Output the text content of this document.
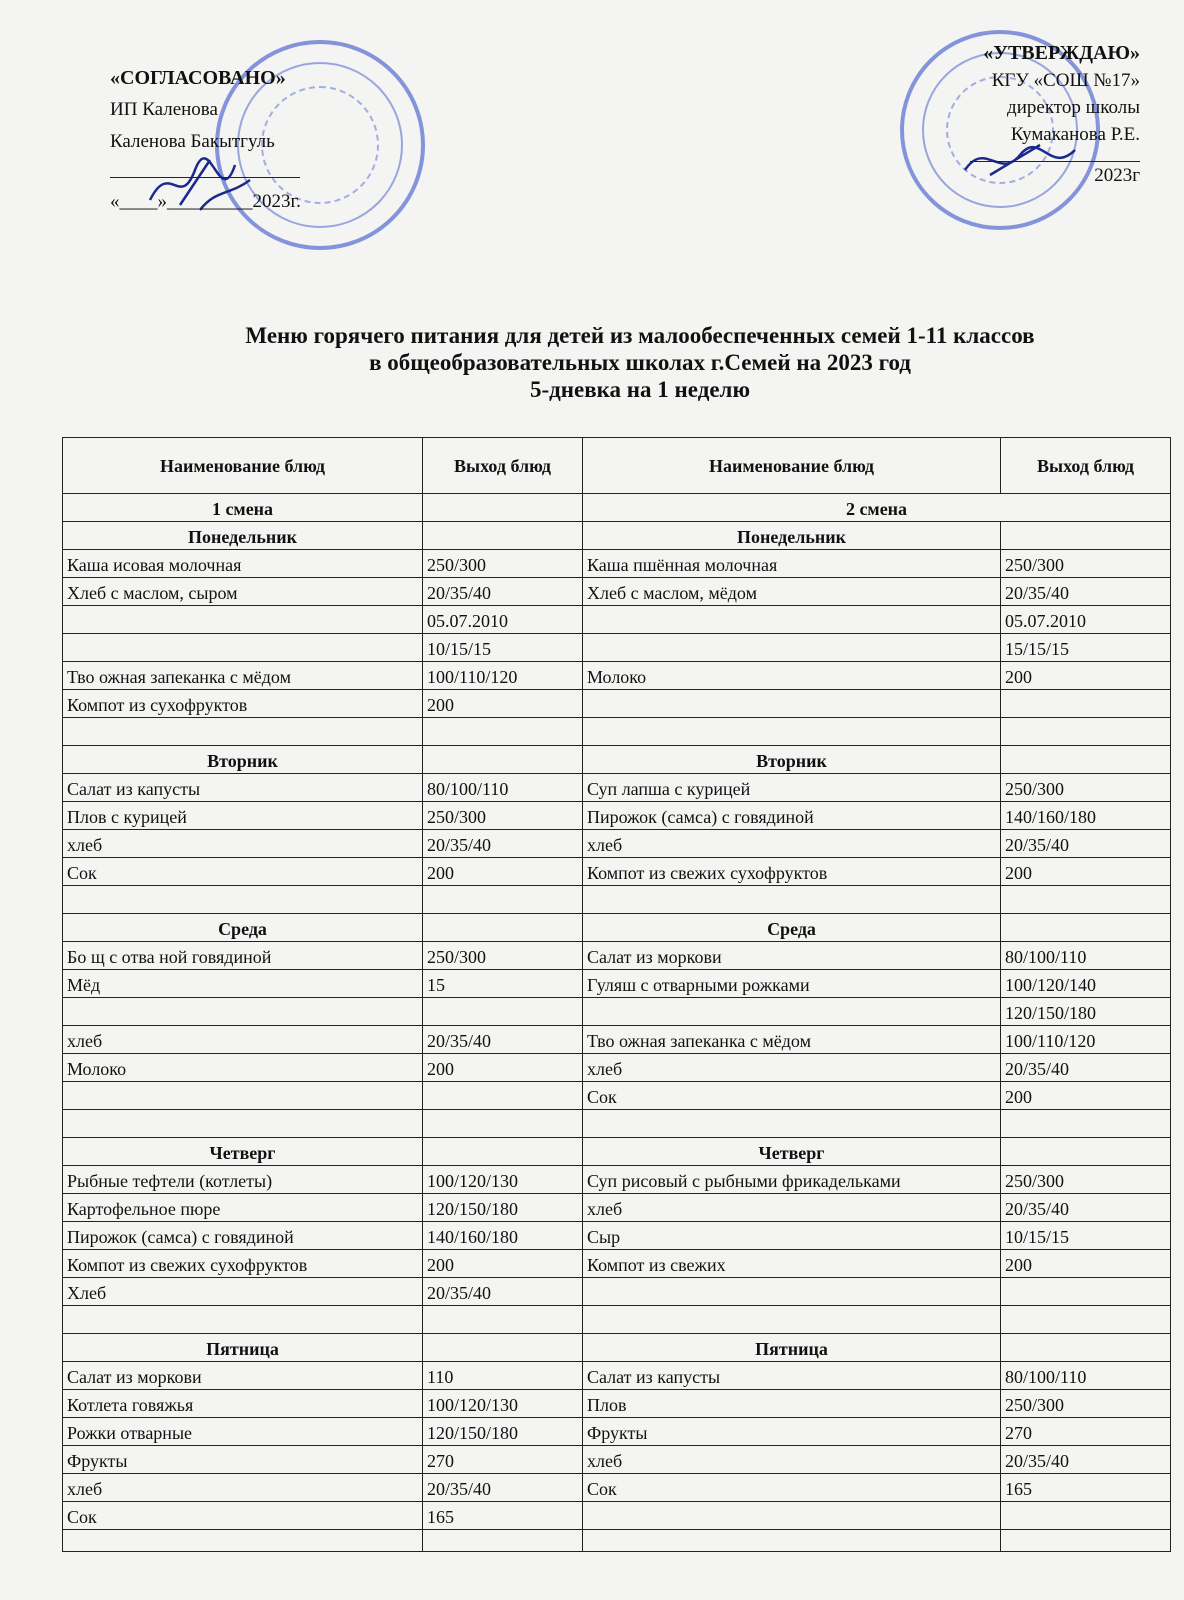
«СОГЛАСОВАНО»
ИП Каленова
Каленова Бакытгуль
«____»_________2023г.
«УТВЕРЖДАЮ»
КГУ «СОШ №17»
директор школы
Кумаканова Р.Е.
2023г
Меню горячего питания для детей из малообеспеченных семей 1-11 классов
в общеобразовательных школах г.Семей на 2023 год
5-дневка на 1 неделю
Наименование блюд	Выход блюд	Наименование блюд	Выход блюд
1 смена		2 смена	
Понедельник		Понедельник	
Каша исовая молочная	250/300	Каша пшённая молочная	250/300
Хлеб с маслом, сыром	20/35/40	Хлеб с маслом, мёдом	20/35/40
	05.07.2010		05.07.2010
	10/15/15		15/15/15
Тво ожная запеканка с мёдом	100/110/120	Молоко	200
Компот из сухофруктов	200		

Вторник		Вторник	
Салат из капусты	80/100/110	Суп лапша с курицей	250/300
Плов с курицей	250/300	Пирожок (самса) с говядиной	140/160/180
хлеб	20/35/40	хлеб	20/35/40
Сок	200	Компот из свежих сухофруктов	200

Среда		Среда	
Бо щ с отва ной говядиной	250/300	Салат из моркови	80/100/110
Мёд	15	Гуляш с отварными рожками	100/120/140
			120/150/180
хлеб	20/35/40	Тво ожная запеканка с мёдом	100/110/120
Молоко	200	хлеб	20/35/40
		Сок	200

Четверг		Четверг	
Рыбные тефтели (котлеты)	100/120/130	Суп рисовый с рыбными фрикадельками	250/300
Картофельное пюре	120/150/180	хлеб	20/35/40
Пирожок (самса) с говядиной	140/160/180	Сыр	10/15/15
Компот из свежих сухофруктов	200	Компот из свежих	200
Хлеб	20/35/40		

Пятница		Пятница	
Салат из моркови	110	Салат из капусты	80/100/110
Котлета говяжья	100/120/130	Плов	250/300
Рожки отварные	120/150/180	Фрукты	270
Фрукты	270	хлеб	20/35/40
хлеб	20/35/40	Сок	165
Сок	165		
